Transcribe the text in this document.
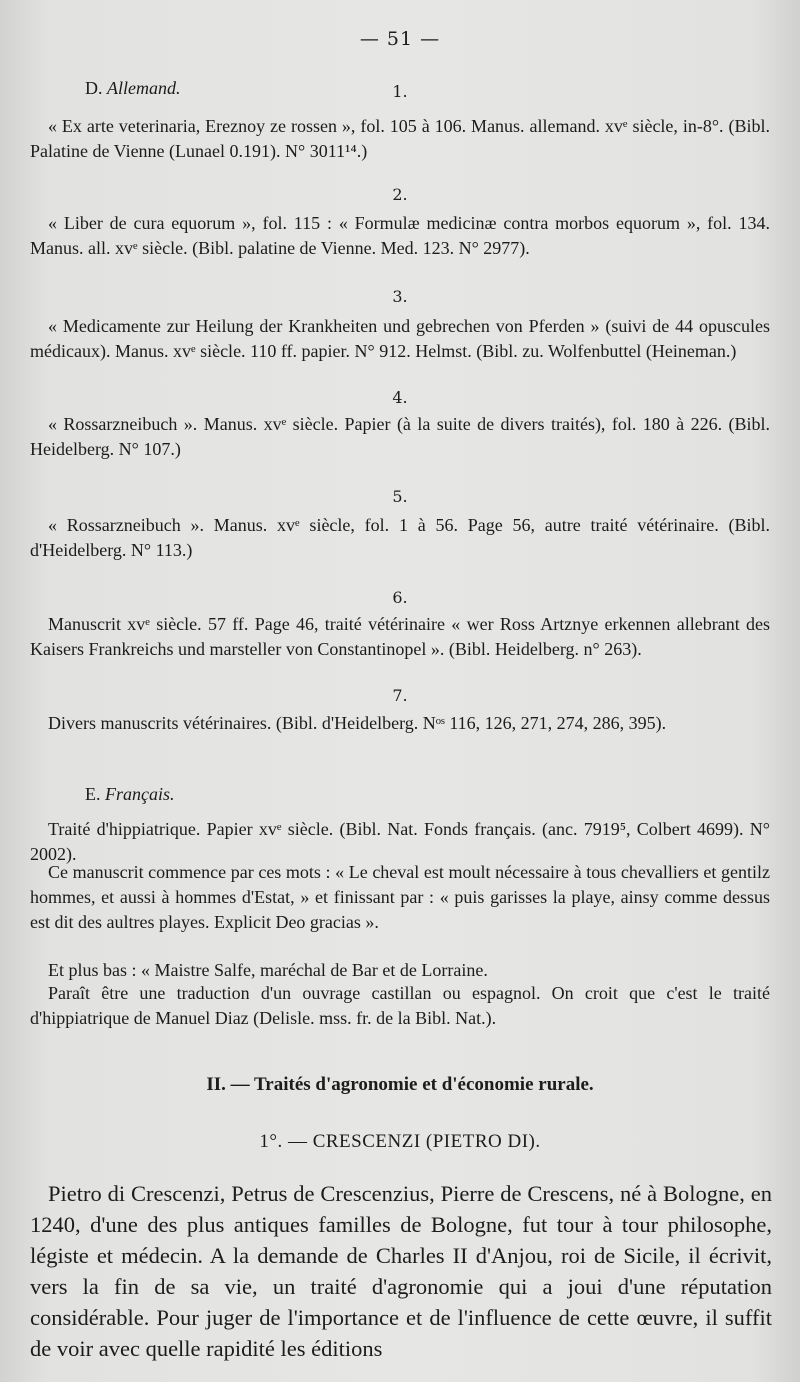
— 51 —
D. Allemand.	1.

« Ex arte veterinaria, Ereznoy ze rossen », fol. 105 à 106. Manus. allemand. xvᵉ siècle, in-8°. (Bibl. Palatine de Vienne (Lunael 0.191). N° 3011¹⁴.)

2.

« Liber de cura equorum », fol. 115 : « Formulæ medicinæ contra morbos equorum », fol. 134. Manus. all. xvᵉ siècle. (Bibl. palatine de Vienne. Med. 123. N° 2977).

3.

« Medicamente zur Heilung der Krankheiten und gebrechen von Pferden » (suivi de 44 opuscules médicaux). Manus. xvᵉ siècle. 110 ff. papier. N° 912. Helmst. (Bibl. zu. Wolfenbuttel (Heineman.)

4.

« Rossarzneibuch ». Manus. xvᵉ siècle. Papier (à la suite de divers traités), fol. 180 à 226. (Bibl. Heidelberg. N° 107.)

5.

« Rossarzneibuch ». Manus. xvᵉ siècle, fol. 1 à 56. Page 56, autre traité vétérinaire. (Bibl. d'Heidelberg. N° 113.)

6.

Manuscrit xvᵉ siècle. 57 ff. Page 46, traité vétérinaire « wer Ross Artznye erkennen allebrant des Kaisers Frankreichs und marsteller von Constantinopel ». (Bibl. Heidelberg. n° 263).

7.

Divers manuscrits vétérinaires. (Bibl. d'Heidelberg. Nᵒˢ 116, 126, 271, 274, 286, 395).

E. Français.

Traité d'hippiatrique. Papier xvᵉ siècle. (Bibl. Nat. Fonds français. (anc. 7919⁵, Colbert 4699). N° 2002).

Ce manuscrit commence par ces mots : « Le cheval est moult nécessaire à tous chevalliers et gentilz hommes, et aussi à hommes d'Estat, » et finissant par : « puis garisses la playe, ainsy comme dessus est dit des aultres playes. Explicit Deo gracias ».

Et plus bas : « Maistre Salfe, maréchal de Bar et de Lorraine.

Paraît être une traduction d'un ouvrage castillan ou espagnol. On croit que c'est le traité d'hippiatrique de Manuel Diaz (Delisle. mss. fr. de la Bibl. Nat.).

II. — Traités d'agronomie et d'économie rurale.
1°. — CRESCENZI (PIETRO DI).

Pietro di Crescenzi, Petrus de Crescenzius, Pierre de Crescens, né à Bologne, en 1240, d'une des plus antiques familles de Bologne, fut tour à tour philosophe, légiste et médecin. A la demande de Charles II d'Anjou, roi de Sicile, il écrivit, vers la fin de sa vie, un traité d'agronomie qui a joui d'une réputation considérable. Pour juger de l'importance et de l'influence de cette œuvre, il suffit de voir avec quelle rapidité les éditions
